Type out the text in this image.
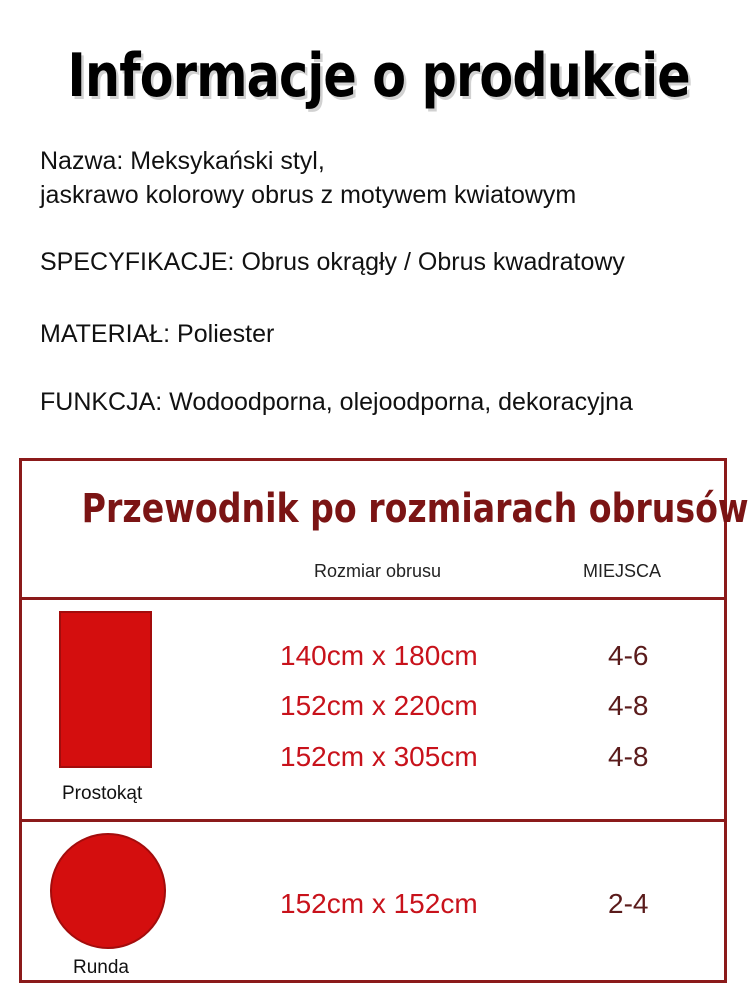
Informacje o produkcie
Nazwa: Meksykański styl,
jaskrawo kolorowy obrus z motywem kwiatowym
SPECYFIKACJE: Obrus okrągły / Obrus kwadratowy
MATERIAŁ: Poliester
FUNKCJA: Wodoodporna, olejoodporna, dekoracyjna
Przewodnik po rozmiarach obrusów
Rozmiar obrusu	MIEJSCA
Prostokąt
140cm x 180cm	4-6
152cm x 220cm	4-8
152cm x 305cm	4-8
Runda
152cm x 152cm	2-4
